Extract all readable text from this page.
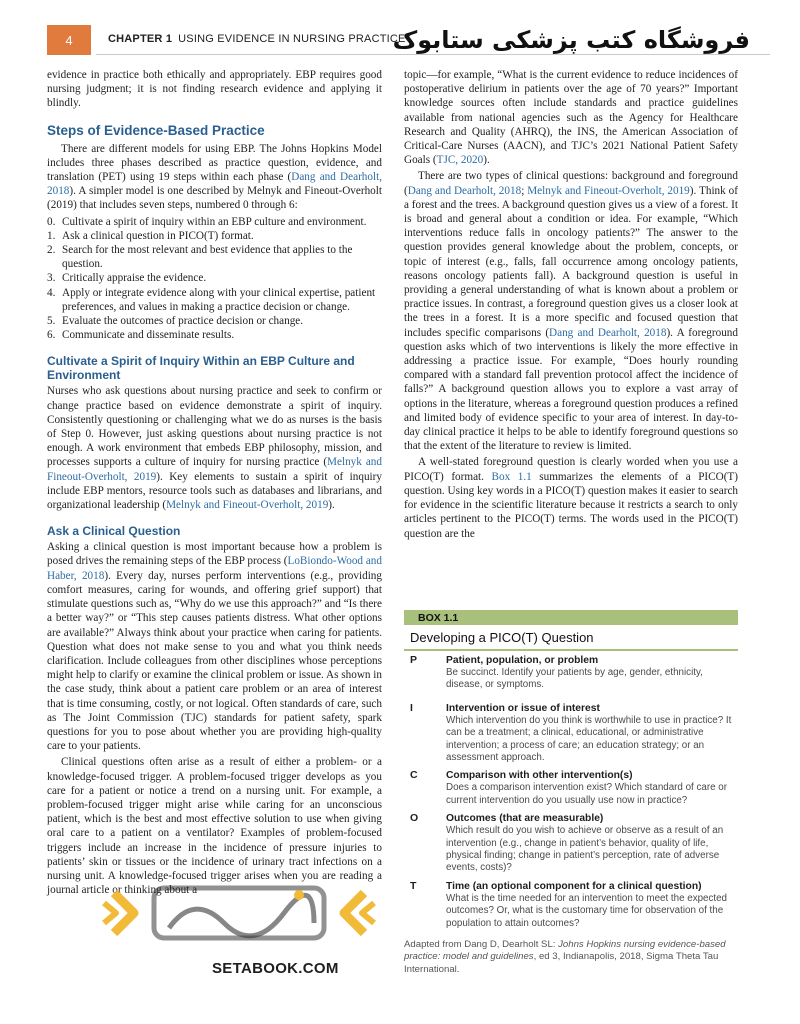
4	CHAPTER 1 USING EVIDENCE IN NURSING PRACTICE
فروشگاه کتب پزشکی ستابوک

evidence in practice both ethically and appropriately. EBP requires good nursing judgment; it is not finding research evidence and applying it blindly.

Steps of Evidence-Based Practice

There are different models for using EBP. The Johns Hopkins Model includes three phases described as practice question, evidence, and translation (PET) using 19 steps within each phase (Dang and Dearholt, 2018). A simpler model is one described by Melnyk and Fineout-Overholt (2019) that includes seven steps, numbered 0 through 6:

0. Cultivate a spirit of inquiry within an EBP culture and environment.
1. Ask a clinical question in PICO(T) format.
2. Search for the most relevant and best evidence that applies to the question.
3. Critically appraise the evidence.
4. Apply or integrate evidence along with your clinical expertise, patient preferences, and values in making a practice decision or change.
5. Evaluate the outcomes of practice decision or change.
6. Communicate and disseminate results.
Cultivate a Spirit of Inquiry Within an EBP Culture and Environment

Nurses who ask questions about nursing practice and seek to confirm or change practice based on evidence demonstrate a spirit of inquiry. Consistently questioning or challenging what we do as nurses is the basis of Step 0. However, just asking questions about nursing practice is not enough. A work environment that embeds EBP philosophy, mission, and processes supports a culture of inquiry for nursing practice (Melnyk and Fineout-Overholt, 2019). Key elements to sustain a spirit of inquiry include EBP mentors, resource tools such as databases and librarians, and organizational leadership (Melnyk and Fineout-Overholt, 2019).

Ask a Clinical Question

Asking a clinical question is most important because how a problem is posed drives the remaining steps of the EBP process (LoBiondo-Wood and Haber, 2018). Every day, nurses perform interventions (e.g., providing comfort measures, caring for wounds, and offering grief support) that stimulate questions such as, “Why do we use this approach?” and “Is there a better way?” or “This step causes patients distress. What other options are available?” Always think about your practice when caring for patients. Question what does not make sense to you and what you think needs clarification. Include colleagues from other disciplines whose perceptions might help to clarify or examine the clinical problem or issue. As shown in the case study, think about a patient care problem or an area of interest that is time consuming, costly, or not logical. Often standards of care, such as The Joint Commission (TJC) standards for patient safety, spark questions for you to pose about whether you are providing high-quality care to your patients.

Clinical questions often arise as a result of either a problem- or a knowledge-focused trigger. A problem-focused trigger develops as you care for a patient or notice a trend on a nursing unit. For example, a problem-focused trigger might arise while caring for an unconscious patient, which is the best and most effective solution to use when giving oral care to a patient on a ventilator? Examples of problem-focused triggers include an increase in the incidence of pressure injuries to patients’ skin or tissues or the incidence of urinary tract infections on a nursing unit. A knowledge-focused trigger arises when you are reading a journal article or thinking about a

topic—for example, “What is the current evidence to reduce incidences of postoperative delirium in patients over the age of 70 years?” Important knowledge sources often include standards and practice guidelines available from national agencies such as the Agency for Healthcare Research and Quality (AHRQ), the INS, the American Association of Critical-Care Nurses (AACN), and TJC’s 2021 National Patient Safety Goals (TJC, 2020).

There are two types of clinical questions: background and foreground (Dang and Dearholt, 2018; Melnyk and Fineout-Overholt, 2019). Think of a forest and the trees. A background question gives us a view of a forest. It is broad and general about a condition or idea. For example, “Which interventions reduce falls in oncology patients?” The answer to the question provides general knowledge about the problem, concepts, or topic of interest (e.g., falls, fall occurrence among oncology patients, reasons oncology patients fall). A background question is useful in providing a general understanding of what is known about a problem or practice issues. In contrast, a foreground question gives us a closer look at the trees in a forest. It is a more specific and focused question that includes specific comparisons (Dang and Dearholt, 2018). A foreground question asks which of two interventions is likely the more effective in addressing a practice issue. For example, “Does hourly rounding compared with a standard fall prevention protocol affect the incidence of falls?” A background question allows you to explore a vast array of options in the literature, whereas a foreground question produces a refined and limited body of evidence specific to your area of interest. In day-to-day clinical practice it helps to be able to identify foreground questions so that the extent of the literature to review is limited.

A well-stated foreground question is clearly worded when you use a PICO(T) format. Box 1.1 summarizes the elements of a PICO(T) question. Using key words in a PICO(T) question makes it easier to search for evidence in the scientific literature because it restricts a search to only articles pertinent to the PICO(T) terms. The words used in the PICO(T) question are the

BOX 1.1
Developing a PICO(T) Question
P	Patient, population, or problem
Be succinct. Identify your patients by age, gender, ethnicity, disease, or symptoms.
I	Intervention or issue of interest
Which intervention do you think is worthwhile to use in practice? It can be a treatment; a clinical, educational, or administrative intervention; a process of care; an education strategy; or an assessment approach.
C	Comparison with other intervention(s)
Does a comparison intervention exist? Which standard of care or current intervention do you usually use now in practice?
O	Outcomes (that are measurable)
Which result do you wish to achieve or observe as a result of an intervention (e.g., change in patient’s behavior, quality of life, physical finding; change in patient’s perception, rate of adverse events, costs)?
T	Time (an optional component for a clinical question)
What is the time needed for an intervention to meet the expected outcomes? Or, what is the customary time for observation of the population to attain outcomes?
Adapted from Dang D, Dearholt SL: Johns Hopkins nursing evidence-based practice: model and guidelines, ed 3, Indianapolis, 2018, Sigma Theta Tau International.
SETABOOK.COM
